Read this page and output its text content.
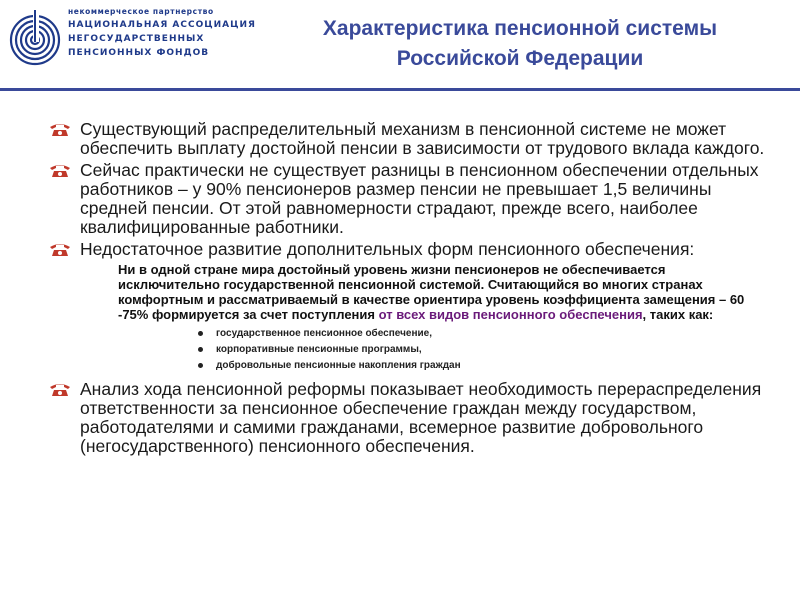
некоммерческое партнерство
НАЦИОНАЛЬНАЯ АССОЦИАЦИЯ
НЕГОСУДАРСТВЕННЫХ
ПЕНСИОННЫХ ФОНДОВ
Характеристика пенсионной системы
Российской Федерации
Существующий распределительный механизм в пенсионной системе не может обеспечить выплату достойной пенсии в зависимости от трудового вклада каждого.
Сейчас практически не существует разницы в пенсионном обеспечении отдельных работников – у 90% пенсионеров размер пенсии не превышает 1,5 величины средней пенсии. От этой равномерности страдают, прежде всего, наиболее квалифицированные работники.
Недостаточное развитие дополнительных форм пенсионного обеспечения:
Ни в одной стране мира достойный уровень жизни пенсионеров не обеспечивается исключительно государственной пенсионной системой. Считающийся во многих странах комфортным и рассматриваемый в качестве ориентира уровень коэффициента замещения – 60 -75% формируется за счет поступления от всех видов пенсионного обеспечения, таких как:
государственное пенсионное обеспечение,
корпоративные пенсионные программы,
добровольные пенсионные накопления граждан
Анализ хода пенсионной реформы показывает необходимость перераспределения ответственности за пенсионное обеспечение граждан между государством, работодателями и самими гражданами, всемерное развитие добровольного (негосударственного) пенсионного обеспечения.
